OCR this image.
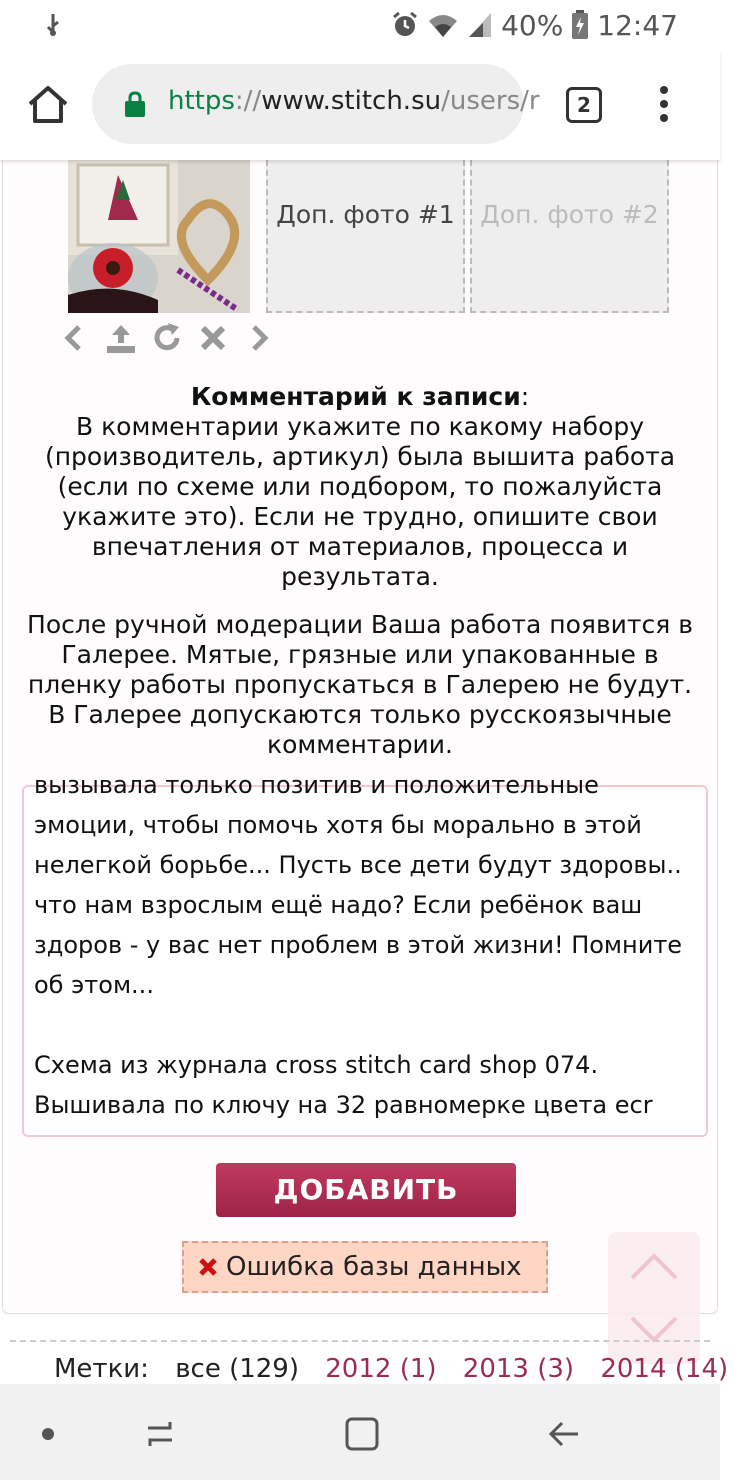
40% 12:47
https://www.stitch.su/users/r	2
Доп. фото #1	Доп. фото #2

Комментарий к записи:
В комментарии укажите по какому набору (производитель, артикул) была вышита работа (если по схеме или подбором, то пожалуйста укажите это). Если не трудно, опишите свои впечатления от материалов, процесса и результата.

После ручной модерации Ваша работа появится в Галерее. Мятые, грязные или упакованные в пленку работы пропускаться в Галерею не будут. В Галерее допускаются только русскоязычные комментарии.

вызывала только позитив и положительные
эмоции, чтобы помочь хотя бы морально в этой
нелегкой борьбе... Пусть все дети будут здоровы..
что нам взрослым ещё надо? Если ребёнок ваш
здоров - у вас нет проблем в этой жизни! Помните
об этом...

Схема из журнала cross stitch card shop 074.
Вышивала по ключу на 32 равномерке цвета ecr
ДОБАВИТЬ
Ошибка базы данных
Метки: все (129) 2012 (1) 2013 (3) 2014 (14)
